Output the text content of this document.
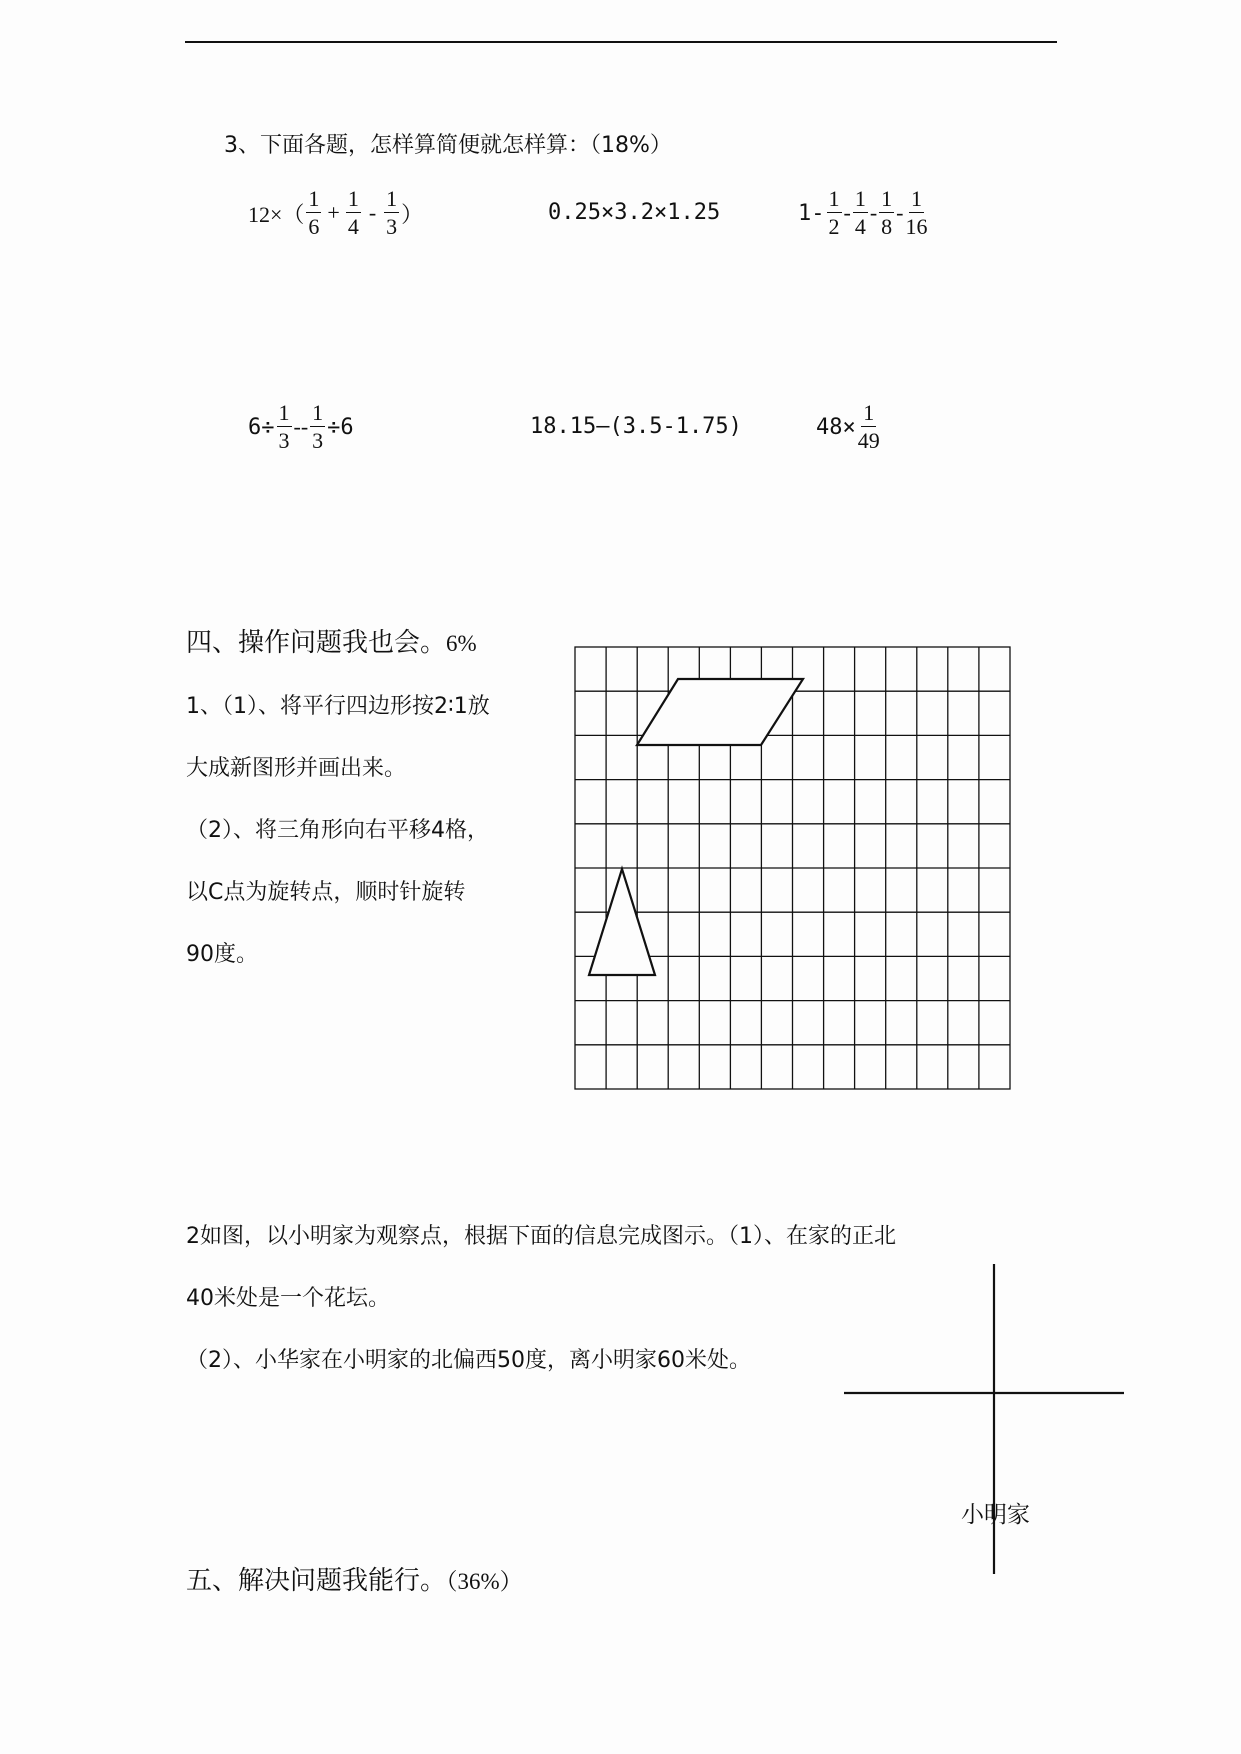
3、下面各题，怎样算简便就怎样算：（18%）
$12\times( \frac{1}{6} + \frac{1}{4} - \frac{1}{3}$ ）	0.25×3.2×1.25	$1- \frac{1}{2} - \frac{1}{4} - \frac{1}{8} - \frac{1}{16}$
$6\div \frac{1}{3} -- \frac{1}{3} \div 6$	18.15–(3.5-1.75)	$48\times \frac{1}{49}$
四、操作问题我也会。6%
1、（1）、将平行四边形按2∶1放
大成新图形并画出来。
（2）、将三角形向右平移4格，
以C点为旋转点，顺时针旋转
90度。
2如图，以小明家为观察点，根据下面的信息完成图示。（1）、在家的正北
40米处是一个花坛。
（2）、小华家在小明家的北偏西50度，离小明家60米处。
小明家
五、解决问题我能行。（36%）
